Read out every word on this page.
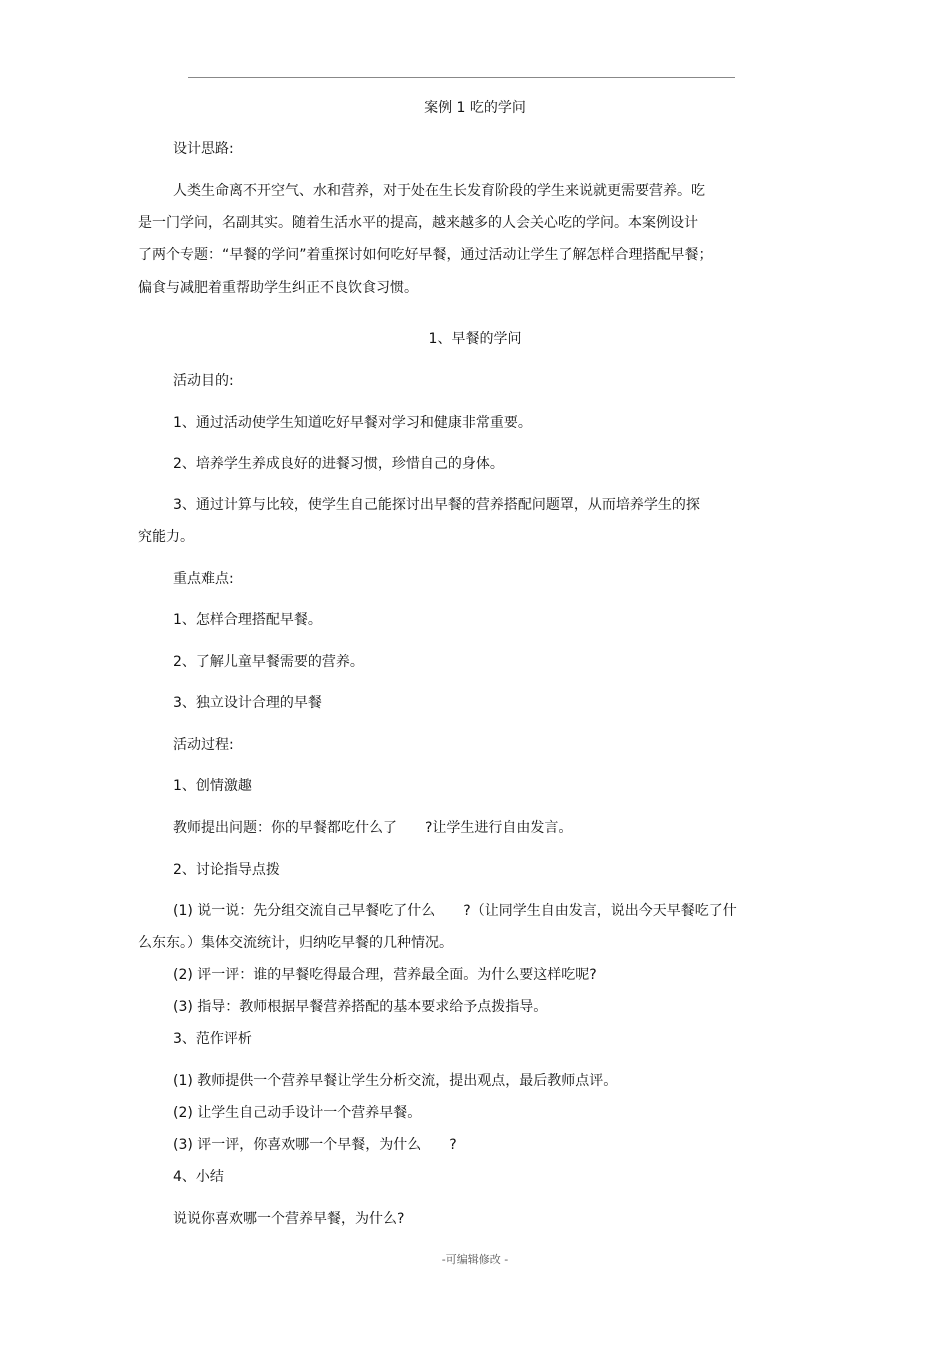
案例 1 吃的学问
设计思路:
人类生命离不开空气、水和营养，对于处在生长发育阶段的学生来说就更需要营养。吃
是一门学问，名副其实。随着生活水平的提高，越来越多的人会关心吃的学问。本案例设计
了两个专题：“早餐的学问”着重探讨如何吃好早餐，通过活动让学生了解怎样合理搭配早餐；
偏食与减肥着重帮助学生纠正不良饮食习惯。
1、早餐的学问
活动目的:
1、通过活动使学生知道吃好早餐对学习和健康非常重要。
2、培养学生养成良好的进餐习惯，珍惜自己的身体。
3、通过计算与比较，使学生自己能探讨出早餐的营养搭配问题罩，从而培养学生的探
究能力。
重点难点:
1、怎样合理搭配早餐。
2、了解儿童早餐需要的营养。
3、独立设计合理的早餐
活动过程:
1、创情激趣
教师提出问题：你的早餐都吃什么了　　?让学生进行自由发言。
2、讨论指导点拨
(1) 说一说：先分组交流自己早餐吃了什么　　?（让同学生自由发言，说出今天早餐吃了什
么东东。）集体交流统计，归纳吃早餐的几种情况。
(2) 评一评：谁的早餐吃得最合理，营养最全面。为什么要这样吃呢?
(3) 指导：教师根据早餐营养搭配的基本要求给予点拨指导。
3、范作评析
(1) 教师提供一个营养早餐让学生分析交流，提出观点，最后教师点评。
(2) 让学生自己动手设计一个营养早餐。
(3) 评一评，你喜欢哪一个早餐，为什么　　?
4、小结
说说你喜欢哪一个营养早餐，为什么?
-可编辑修改 -
